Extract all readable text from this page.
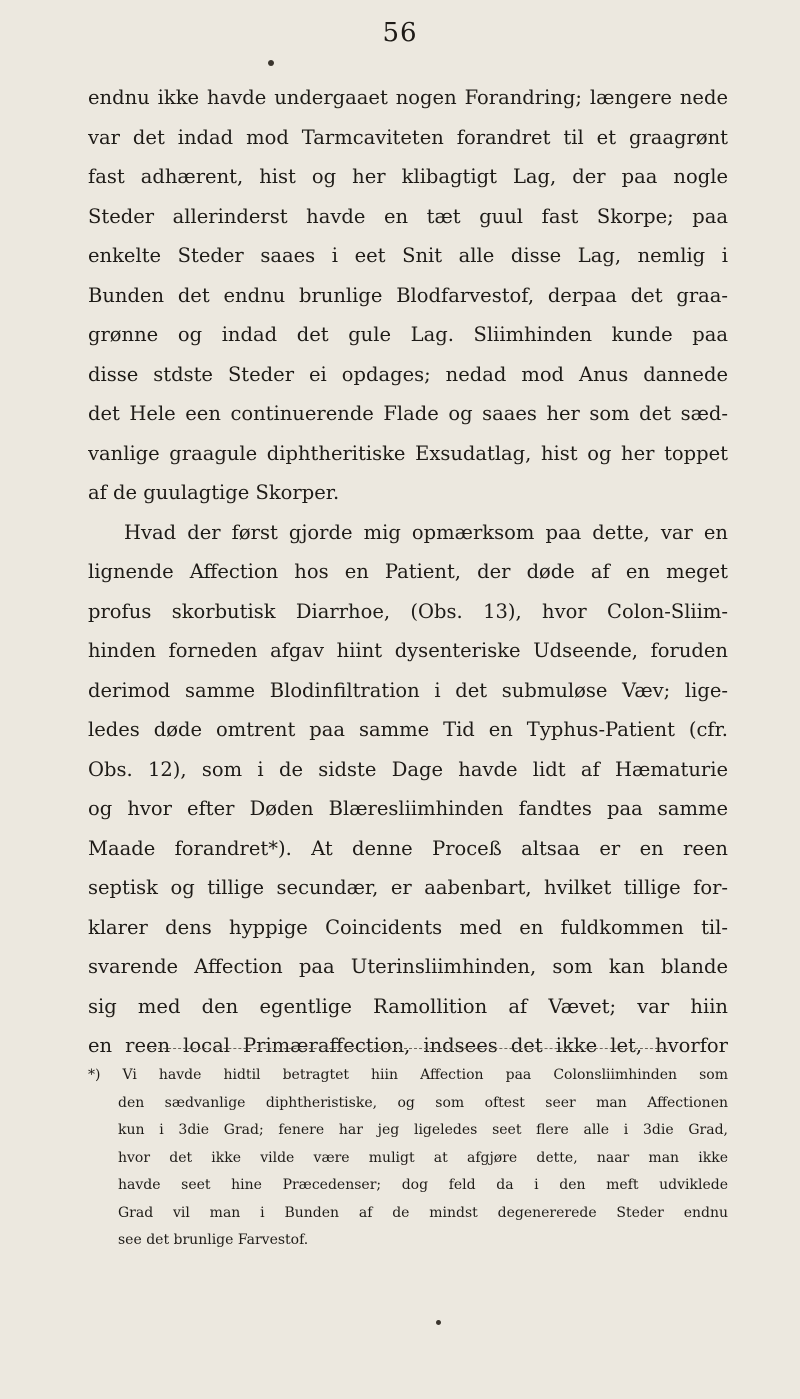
56
endnu ikke havde undergaaet nogen Forandring; længere nede
var det indad mod Tarmcaviteten forandret til et graagrønt
fast adhærent, hist og her klibagtigt Lag, der paa nogle
Steder allerinderst havde en tæt guul fast Skorpe; paa
enkelte Steder saaes i eet Snit alle disse Lag, nemlig i
Bunden det endnu brunlige Blodfarvestof, derpaa det graa-
grønne og indad det gule Lag. Sliimhinden kunde paa
disse stdste Steder ei opdages; nedad mod Anus dannede
det Hele een continuerende Flade og saaes her som det sæd-
vanlige graagule diphtheritiske Exsudatlag, hist og her toppet
af de guulagtige Skorper.
Hvad der først gjorde mig opmærksom paa dette, var en
lignende Affection hos en Patient, der døde af en meget
profus skorbutisk Diarrhoe, (Obs. 13), hvor Colon-Sliim-
hinden forneden afgav hiint dysenteriske Udseende, foruden
derimod samme Blodinfiltration i det submuløse Væv; lige-
ledes døde omtrent paa samme Tid en Typhus-Patient (cfr.
Obs. 12), som i de sidste Dage havde lidt af Hæmaturie
og hvor efter Døden Blæresliimhinden fandtes paa samme
Maade forandret*). At denne Proceß altsaa er en reen
septisk og tillige secundær, er aabenbart, hvilket tillige for-
klarer dens hyppige Coincidents med en fuldkommen til-
svarende Affection paa Uterinsliimhinden, som kan blande
sig med den egentlige Ramollition af Vævet; var hiin
en reen local Primæraffection, indsees det ikke let, hvorfor
*) Vi havde hidtil betragtet hiin Affection paa Colonsliimhinden som
den sædvanlige diphtheristiske, og som oftest seer man Affectionen
kun i 3die Grad; fenere har jeg ligeledes seet flere alle i 3die Grad,
hvor det ikke vilde være muligt at afgjøre dette, naar man ikke
havde seet hine Præcedenser; dog feld da i den meft udviklede
Grad vil man i Bunden af de mindst degenererede Steder endnu
see det brunlige Farvestof.
